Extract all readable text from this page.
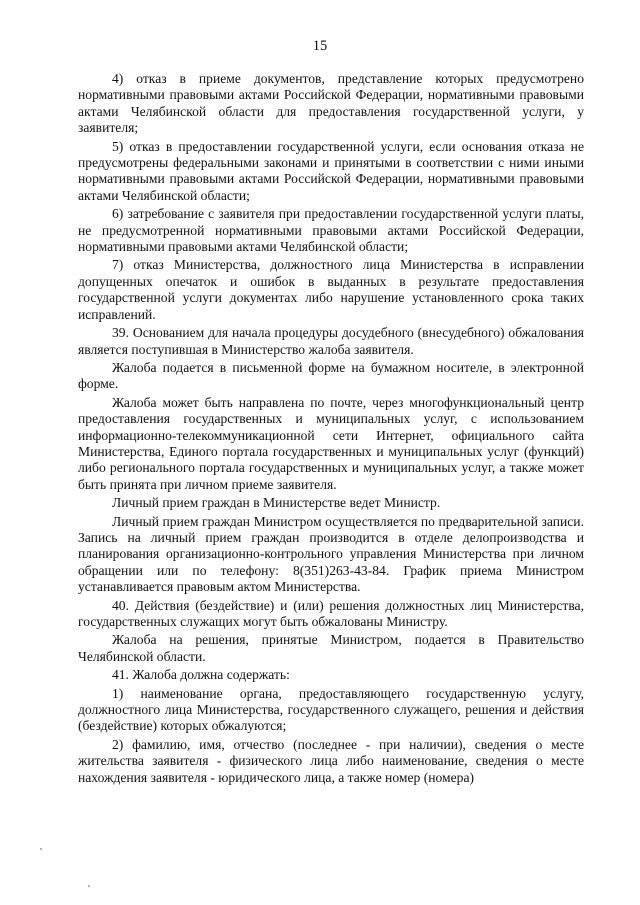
15

4) отказ в приеме документов, представление которых предусмотрено нормативными правовыми актами Российской Федерации, нормативными правовыми актами Челябинской области для предоставления государственной услуги, у заявителя;

5) отказ в предоставлении государственной услуги, если основания отказа не предусмотрены федеральными законами и принятыми в соответствии с ними иными нормативными правовыми актами Российской Федерации, нормативными правовыми актами Челябинской области;

6) затребование с заявителя при предоставлении государственной услуги платы, не предусмотренной нормативными правовыми актами Российской Федерации, нормативными правовыми актами Челябинской области;

7) отказ Министерства, должностного лица Министерства в исправлении допущенных опечаток и ошибок в выданных в результате предоставления государственной услуги документах либо нарушение установленного срока таких исправлений.

39. Основанием для начала процедуры досудебного (внесудебного) обжалования является поступившая в Министерство жалоба заявителя.

Жалоба подается в письменной форме на бумажном носителе, в электронной форме.

Жалоба может быть направлена по почте, через многофункциональный центр предоставления государственных и муниципальных услуг, с использованием информационно-телекоммуникационной сети Интернет, официального сайта Министерства, Единого портала государственных и муниципальных услуг (функций) либо регионального портала государственных и муниципальных услуг, а также может быть принята при личном приеме заявителя.

Личный прием граждан в Министерстве ведет Министр.

Личный прием граждан Министром осуществляется по предварительной записи. Запись на личный прием граждан производится в отделе делопроизводства и планирования организационно-контрольного управления Министерства при личном обращении или по телефону: 8(351)263-43-84. График приема Министром устанавливается правовым актом Министерства.

40. Действия (бездействие) и (или) решения должностных лиц Министерства, государственных служащих могут быть обжалованы Министру.

Жалоба на решения, принятые Министром, подается в Правительство Челябинской области.

41. Жалоба должна содержать:

1) наименование органа, предоставляющего государственную услугу, должностного лица Министерства, государственного служащего, решения и действия (бездействие) которых обжалуются;

2) фамилию, имя, отчество (последнее - при наличии), сведения о месте жительства заявителя - физического лица либо наименование, сведения о месте нахождения заявителя - юридического лица, а также номер (номера)
